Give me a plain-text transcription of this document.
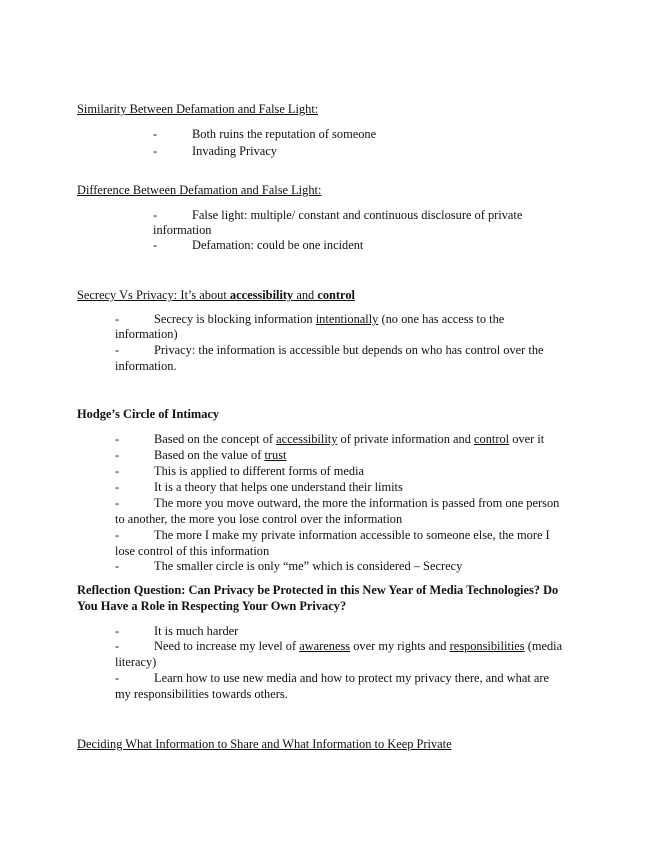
Similarity Between Defamation and False Light:
-	Both ruins the reputation of someone
-	Invading Privacy
Difference Between Defamation and False Light:
-	False light: multiple/ constant and continuous disclosure of private
information
-	Defamation: could be one incident
Secrecy Vs Privacy: It’s about accessibility and control
-	Secrecy is blocking information intentionally (no one has access to the
information)
-	Privacy: the information is accessible but depends on who has control over the
information.
Hodge’s Circle of Intimacy
-	Based on the concept of accessibility of private information and control over it
-	Based on the value of trust
-	This is applied to different forms of media
-	It is a theory that helps one understand their limits
-	The more you move outward, the more the information is passed from one person
to another, the more you lose control over the information
-	The more I make my private information accessible to someone else, the more I
lose control of this information
-	The smaller circle is only “me” which is considered – Secrecy
Reflection Question: Can Privacy be Protected in this New Year of Media Technologies? Do
You Have a Role in Respecting Your Own Privacy?
-	It is much harder
-	Need to increase my level of awareness over my rights and responsibilities (media
literacy)
-	Learn how to use new media and how to protect my privacy there, and what are
my responsibilities towards others.
Deciding What Information to Share and What Information to Keep Private
